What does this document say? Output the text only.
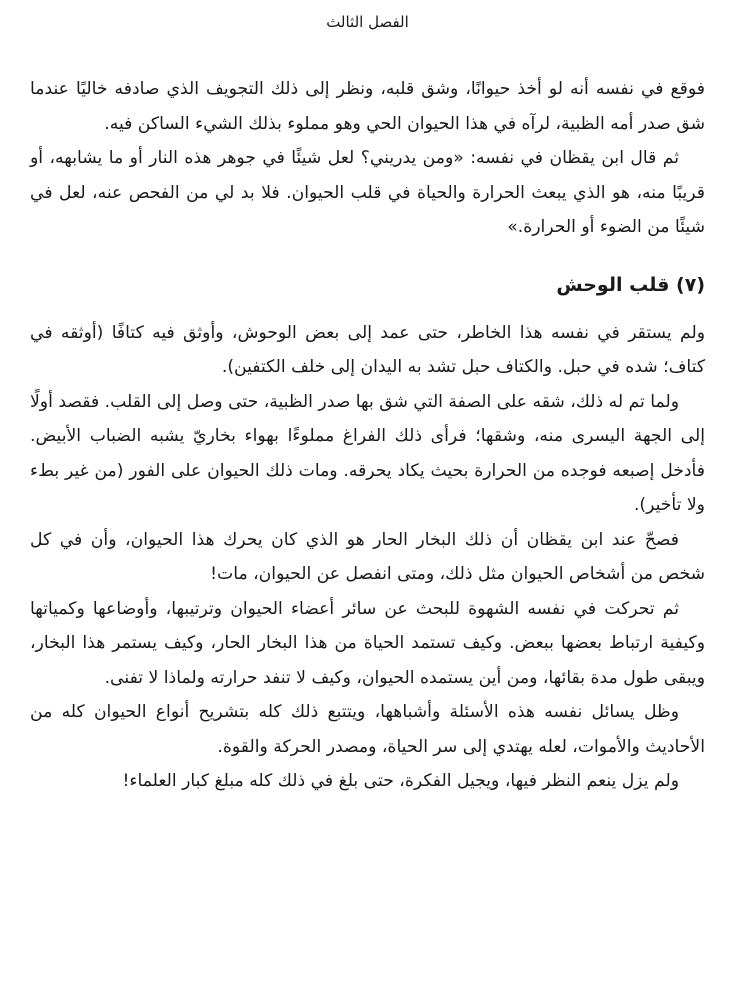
الفصل الثالث

فوقع في نفسه أنه لو أخذ حيوانًا، وشق قلبه، ونظر إلى ذلك التجويف الذي صادفه خاليًا عندما شق صدر أمه الظبية، لرآه في هذا الحيوان الحي وهو مملوء بذلك الشيء الساكن فيه.

ثم قال ابن يقظان في نفسه: «ومن يدريني؟ لعل شيئًا في جوهر هذه النار أو ما يشابهه، أو قريبًا منه، هو الذي يبعث الحرارة والحياة في قلب الحيوان. فلا بد لي من الفحص عنه، لعل في شيئًا من الضوء أو الحرارة.»

(٧) قلب الوحش

ولم يستقر في نفسه هذا الخاطر، حتى عمد إلى بعض الوحوش، وأوثق فيه كتافًا (أوثقه في كتاف؛ شده في حبل. والكتاف حبل تشد به اليدان إلى خلف الكتفين).

ولما تم له ذلك، شقه على الصفة التي شق بها صدر الظبية، حتى وصل إلى القلب. فقصد أولًا إلى الجهة اليسرى منه، وشقها؛ فرأى ذلك الفراغ مملوءًا بهواء بخاريّ يشبه الضباب الأبيض. فأدخل إصبعه فوجده من الحرارة بحيث يكاد يحرقه. ومات ذلك الحيوان على الفور (من غير بطء ولا تأخير).

فصحّ عند ابن يقظان أن ذلك البخار الحار هو الذي كان يحرك هذا الحيوان، وأن في كل شخص من أشخاص الحيوان مثل ذلك، ومتى انفصل عن الحيوان، مات!

ثم تحركت في نفسه الشهوة للبحث عن سائر أعضاء الحيوان وترتيبها، وأوضاعها وكمياتها وكيفية ارتباط بعضها ببعض. وكيف تستمد الحياة من هذا البخار الحار، وكيف يستمر هذا البخار، ويبقى طول مدة بقائها، ومن أين يستمده الحيوان، وكيف لا تنفد حرارته ولماذا لا تفنى.

وظل يسائل نفسه هذه الأسئلة وأشباهها، ويتتبع ذلك كله بتشريح أنواع الحيوان كله من الأحاديث والأموات، لعله يهتدي إلى سر الحياة، ومصدر الحركة والقوة.

ولم يزل ينعم النظر فيها، ويجيل الفكرة، حتى بلغ في ذلك كله مبلغ كبار العلماء!
